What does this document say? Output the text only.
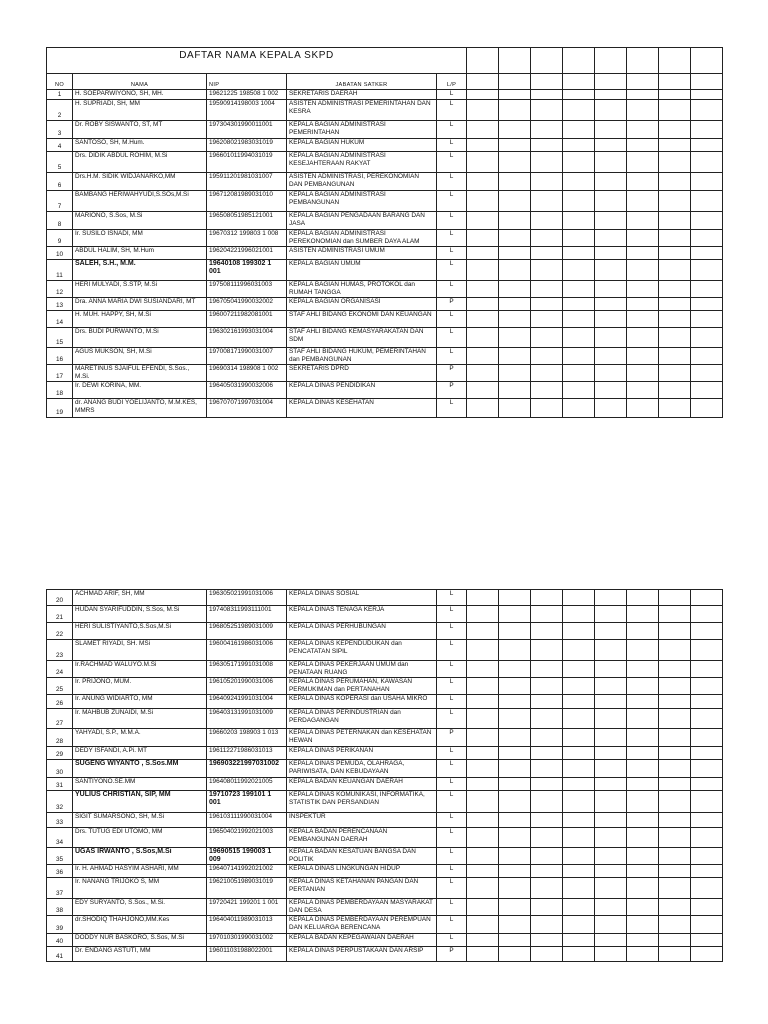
DAFTAR NAMA KEPALA SKPD												
NO	NAMA	NIP	JABATAN SATKER	L/P								
1	H. SOEPARWIYONO, SH, MH.	19621225 198508 1 002	SEKRETARIS DAERAH	L								
2	H. SUPRIADI, SH, MM	19590914198003 1004	ASISTEN ADMINISTRASI PEMERINTAHAN DAN KESRA	L								
3	Dr. ROBY SISWANTO, ST, MT	197304301990011001	KEPALA BAGIAN ADMINISTRASI PEMERINTAHAN	L								
4	SANTOSO, SH, M.Hum.	196208021983031019	KEPALA BAGIAN HUKUM	L								
5	Drs. DIDIK ABDUL ROHIM, M.Si	196601011994031019	KEPALA BAGIAN ADMINISTRASI KESEJAHTERAAN RAKYAT	L								
6	Drs.H.M. SIDIK WIDJANARKO,MM	195911201981031007	ASISTEN ADMINISTRASI, PEREKONOMIAN DAN PEMBANGUNAN	L								
7	BAMBANG HERIWAHYUDI,S.SOs,M.Si	196712081989031010	KEPALA BAGIAN ADMINISTRASI PEMBANGUNAN	L								
8	MARIONO, S.Sos, M.Si	196508051985121001	KEPALA BAGIAN PENGADAAN BARANG DAN JASA	L								
9	Ir. SUSILO ISNADI, MM	19670312 199803 1 008	KEPALA BAGIAN ADMINISTRASI PEREKONOMIAN dan SUMBER DAYA ALAM	L								
10	ABDUL HALIM, SH, M.Hum	196204221996021001	ASISTEN ADMINISTRASI UMUM	L								
11	SALEH, S.H., M.M.	19640108 199302 1 001	KEPALA BAGIAN UMUM	L								
12	HERI MULYADI, S.STP, M.Si	197508111996031003	KEPALA BAGIAN HUMAS, PROTOKOL dan RUMAH TANGGA	L								
13	Dra. ANNA MARIA DWI SUSIANDARI, MT	196705041990032002	KEPALA BAGIAN ORGANISASI	P								
14	H. MUH. HAPPY, SH, M.Si	196007211982081001	STAF AHLI BIDANG EKONOMI DAN KEUANGAN	L								
15	Drs. BUDI PURWANTO, M.Si	196302161993031004	STAF AHLI BIDANG KEMASYARAKATAN DAN SDM	L								
16	AGUS MUKSON, SH, M.Si	197008171990031007	STAF AHLI BIDANG HUKUM, PEMERINTAHAN dan PEMBANGUNAN	L								
17	MARETINUS SJAIFUL EFENDI, S.Sos., M.Si.	19690314 198908 1 002	SEKRETARIS DPRD	P								
18	Ir. DEWI KORINA, MM.	196405031990032006	KEPALA DINAS PENDIDIKAN	P								
19	dr. ANANG BUDI YOELIJANTO, M.M.KES, MMRS	196707071997031004	KEPALA DINAS KESEHATAN	L								
20	ACHMAD ARIF, SH, MM	196305021991031006	KEPALA DINAS SOSIAL	L								
21	HUDAN SYARIFUDDIN, S.Sos, M.Si	197408311993111001	KEPALA DINAS TENAGA KERJA	L								
22	HERI SULISTIYANTO,S.Sos,M.Si	196805251989031009	KEPALA DINAS PERHUBUNGAN	L								
23	SLAMET RIYADI, SH. MSi	196004161986031006	KEPALA DINAS KEPENDUDUKAN dan PENCATATAN SIPIL	L								
24	Ir.RACHMAD WALUYO.M.Si	196305171991031008	KEPALA DINAS PEKERJAAN UMUM dan PENATAAN RUANG	L								
25	Ir. PRIJONO, MUM.	196105201990031006	KEPALA DINAS PERUMAHAN, KAWASAN PERMUKIMAN dan PERTANAHAN	L								
26	Ir. ANUNG WIDIARTO, MM	196409241991031004	KEPALA DINAS KOPERASI dan USAHA MIKRO	L								
27	Ir. MAHBUB ZUNAIDI, M.Si	196403131991031009	KEPALA DINAS PERINDUSTRIAN dan PERDAGANGAN	L								
28	YAHYADI, S.P., M.M.A.	19660203 198903 1 013	KEPALA DINAS PETERNAKAN dan KESEHATAN HEWAN	P								
29	DEDY ISFANDI, A.Pi. MT	196112271986031013	KEPALA DINAS PERIKANAN	L								
30	SUGENG WIYANTO , S.Sos.MM	196903221997031002	KEPALA DINAS PEMUDA, OLAHRAGA, PARIWISATA, DAN KEBUDAYAAN	L								
31	SANTIYONO.SE.MM	196408011992021005	KEPALA BADAN KEUANGAN DAERAH	L								
32	YULIUS CHRISTIAN, SIP, MM	19710723 199101 1 001	KEPALA DINAS KOMUNIKASI, INFORMATIKA, STATISTIK DAN PERSANDIAN	L								
33	SIGIT SUMARSONO, SH, M.Si	196103111990031004	INSPEKTUR	L								
34	Drs. TUTUG EDI UTOMO, MM	196504021992021003	KEPALA BADAN PERENCANAAN PEMBANGUNAN DAERAH	L								
35	UGAS IRWANTO , S.Sos,M.Si	19690515 199003 1 009	KEPALA BADAN KESATUAN BANGSA DAN POLITIK	L								
36	Ir. H. AHMAD HASYIM ASHARI, MM	196407141992021002	KEPALA DINAS LINGKUNGAN HIDUP	L								
37	Ir. NANANG TRIJOKO S, MM	196210051989031019	KEPALA DINAS KETAHANAN PANGAN DAN PERTANIAN	L								
38	EDY SURYANTO, S.Sos., M.Si.	19720421 199201 1 001	KEPALA DINAS PEMBERDAYAAN MASYARAKAT DAN DESA	L								
39	dr.SHODIQ THAHJONO,MM.Kes	196404011989031013	KEPALA DINAS PEMBERDAYAAN PEREMPUAN DAN KELUARGA BERENCANA	L								
40	DODDY NUR BASKORO, S.Sos, M.Si	197010301990031002	KEPALA BADAN KEPEGAWAIAN DAERAH	L								
41	Dr. ENDANG ASTUTI, MM	196011031988022001	KEPALA DINAS PERPUSTAKAAN DAN ARSIP	P								
